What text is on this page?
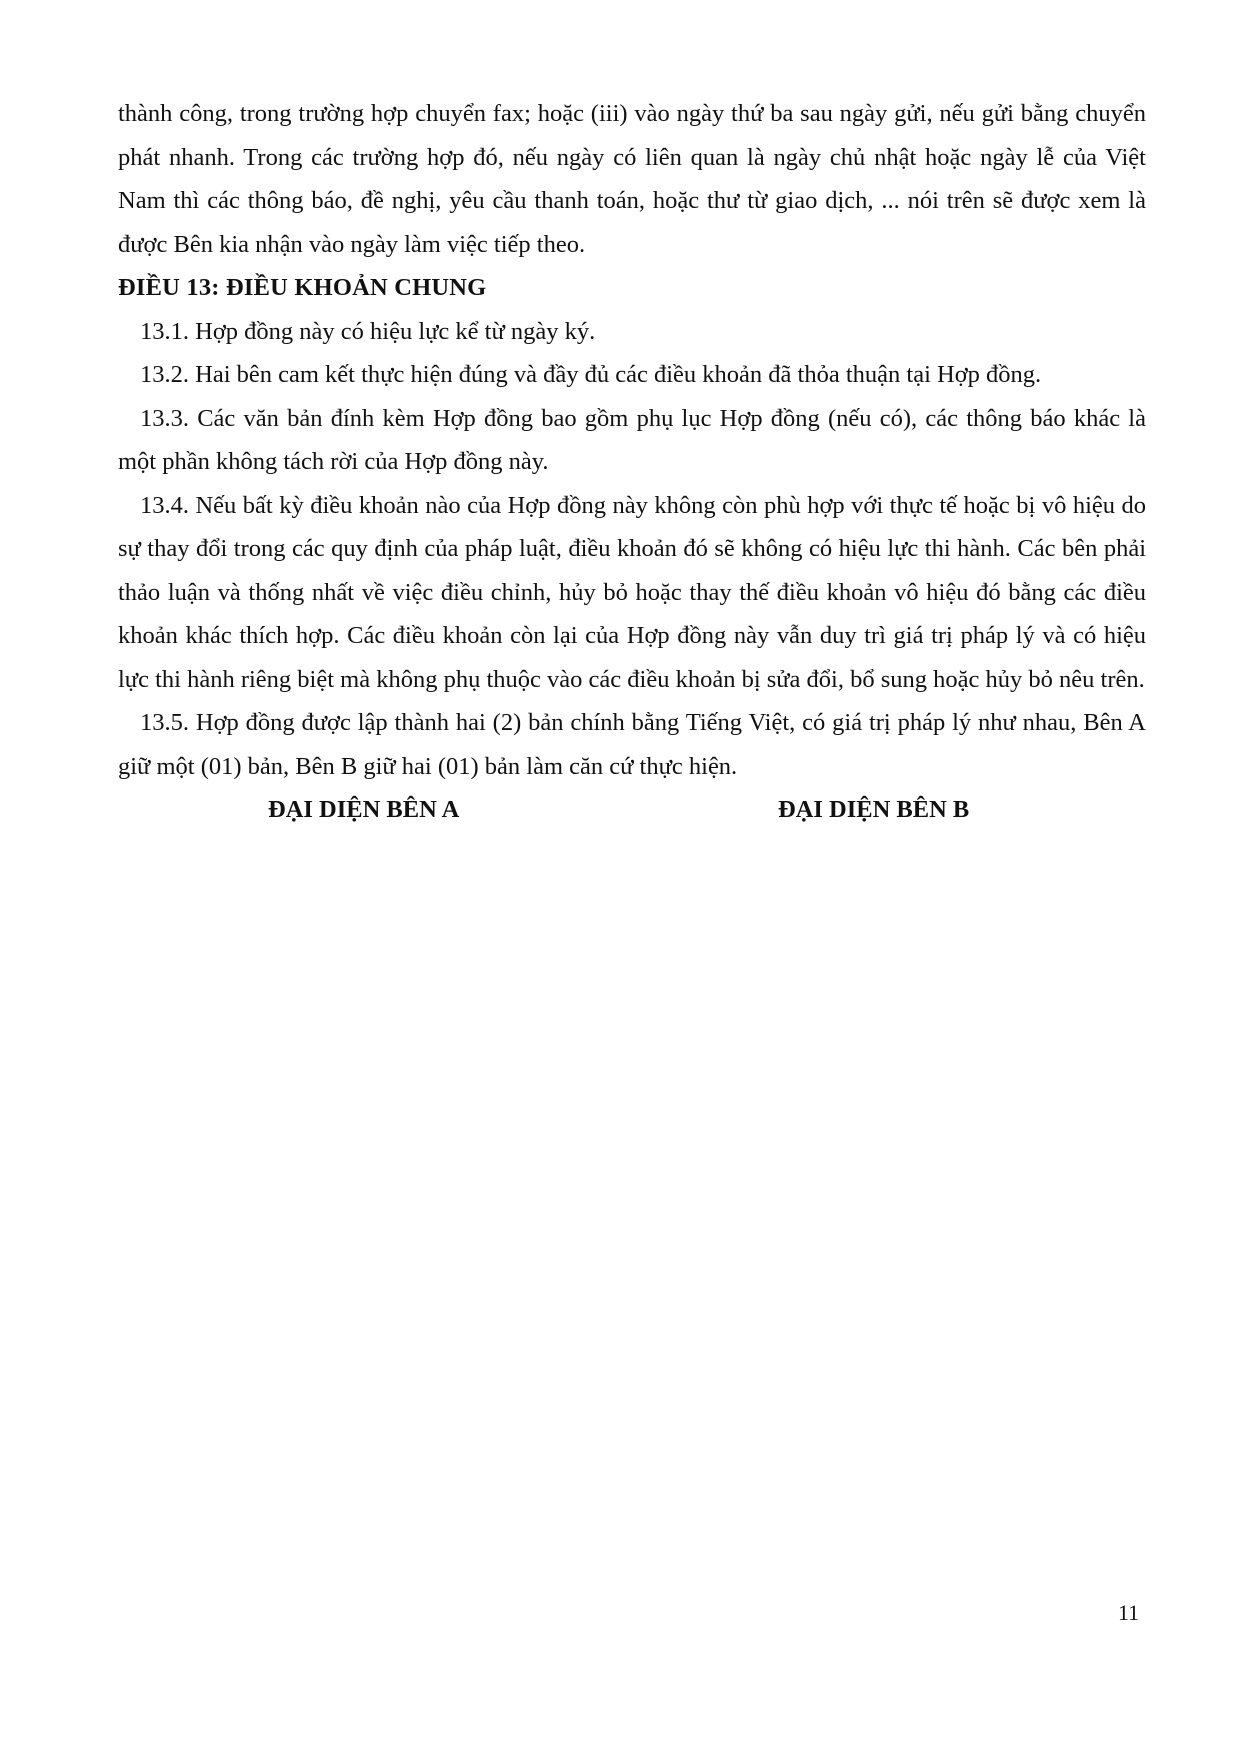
thành công, trong trường hợp chuyển fax; hoặc (iii) vào ngày thứ ba sau ngày gửi, nếu gửi bằng chuyển phát nhanh. Trong các trường hợp đó, nếu ngày có liên quan là ngày chủ nhật hoặc ngày lễ của Việt Nam thì các thông báo, đề nghị, yêu cầu thanh toán, hoặc thư từ giao dịch, ... nói trên sẽ được xem là được Bên kia nhận vào ngày làm việc tiếp theo.

ĐIỀU 13: ĐIỀU KHOẢN CHUNG

13.1. Hợp đồng này có hiệu lực kể từ ngày ký.

13.2. Hai bên cam kết thực hiện đúng và đầy đủ các điều khoản đã thỏa thuận tại Hợp đồng.

13.3. Các văn bản đính kèm Hợp đồng bao gồm phụ lục Hợp đồng (nếu có), các thông báo khác là một phần không tách rời của Hợp đồng này.

13.4. Nếu bất kỳ điều khoản nào của Hợp đồng này không còn phù hợp với thực tế hoặc bị vô hiệu do sự thay đổi trong các quy định của pháp luật, điều khoản đó sẽ không có hiệu lực thi hành. Các bên phải thảo luận và thống nhất về việc điều chỉnh, hủy bỏ hoặc thay thế điều khoản vô hiệu đó bằng các điều khoản khác thích hợp. Các điều khoản còn lại của Hợp đồng này vẫn duy trì giá trị pháp lý và có hiệu lực thi hành riêng biệt mà không phụ thuộc vào các điều khoản bị sửa đổi, bổ sung hoặc hủy bỏ nêu trên.

13.5. Hợp đồng được lập thành hai (2) bản chính bằng Tiếng Việt, có giá trị pháp lý như nhau, Bên A giữ một (01) bản, Bên B giữ hai (01) bản làm căn cứ thực hiện.

ĐẠI DIỆN BÊN A	ĐẠI DIỆN BÊN B
11
